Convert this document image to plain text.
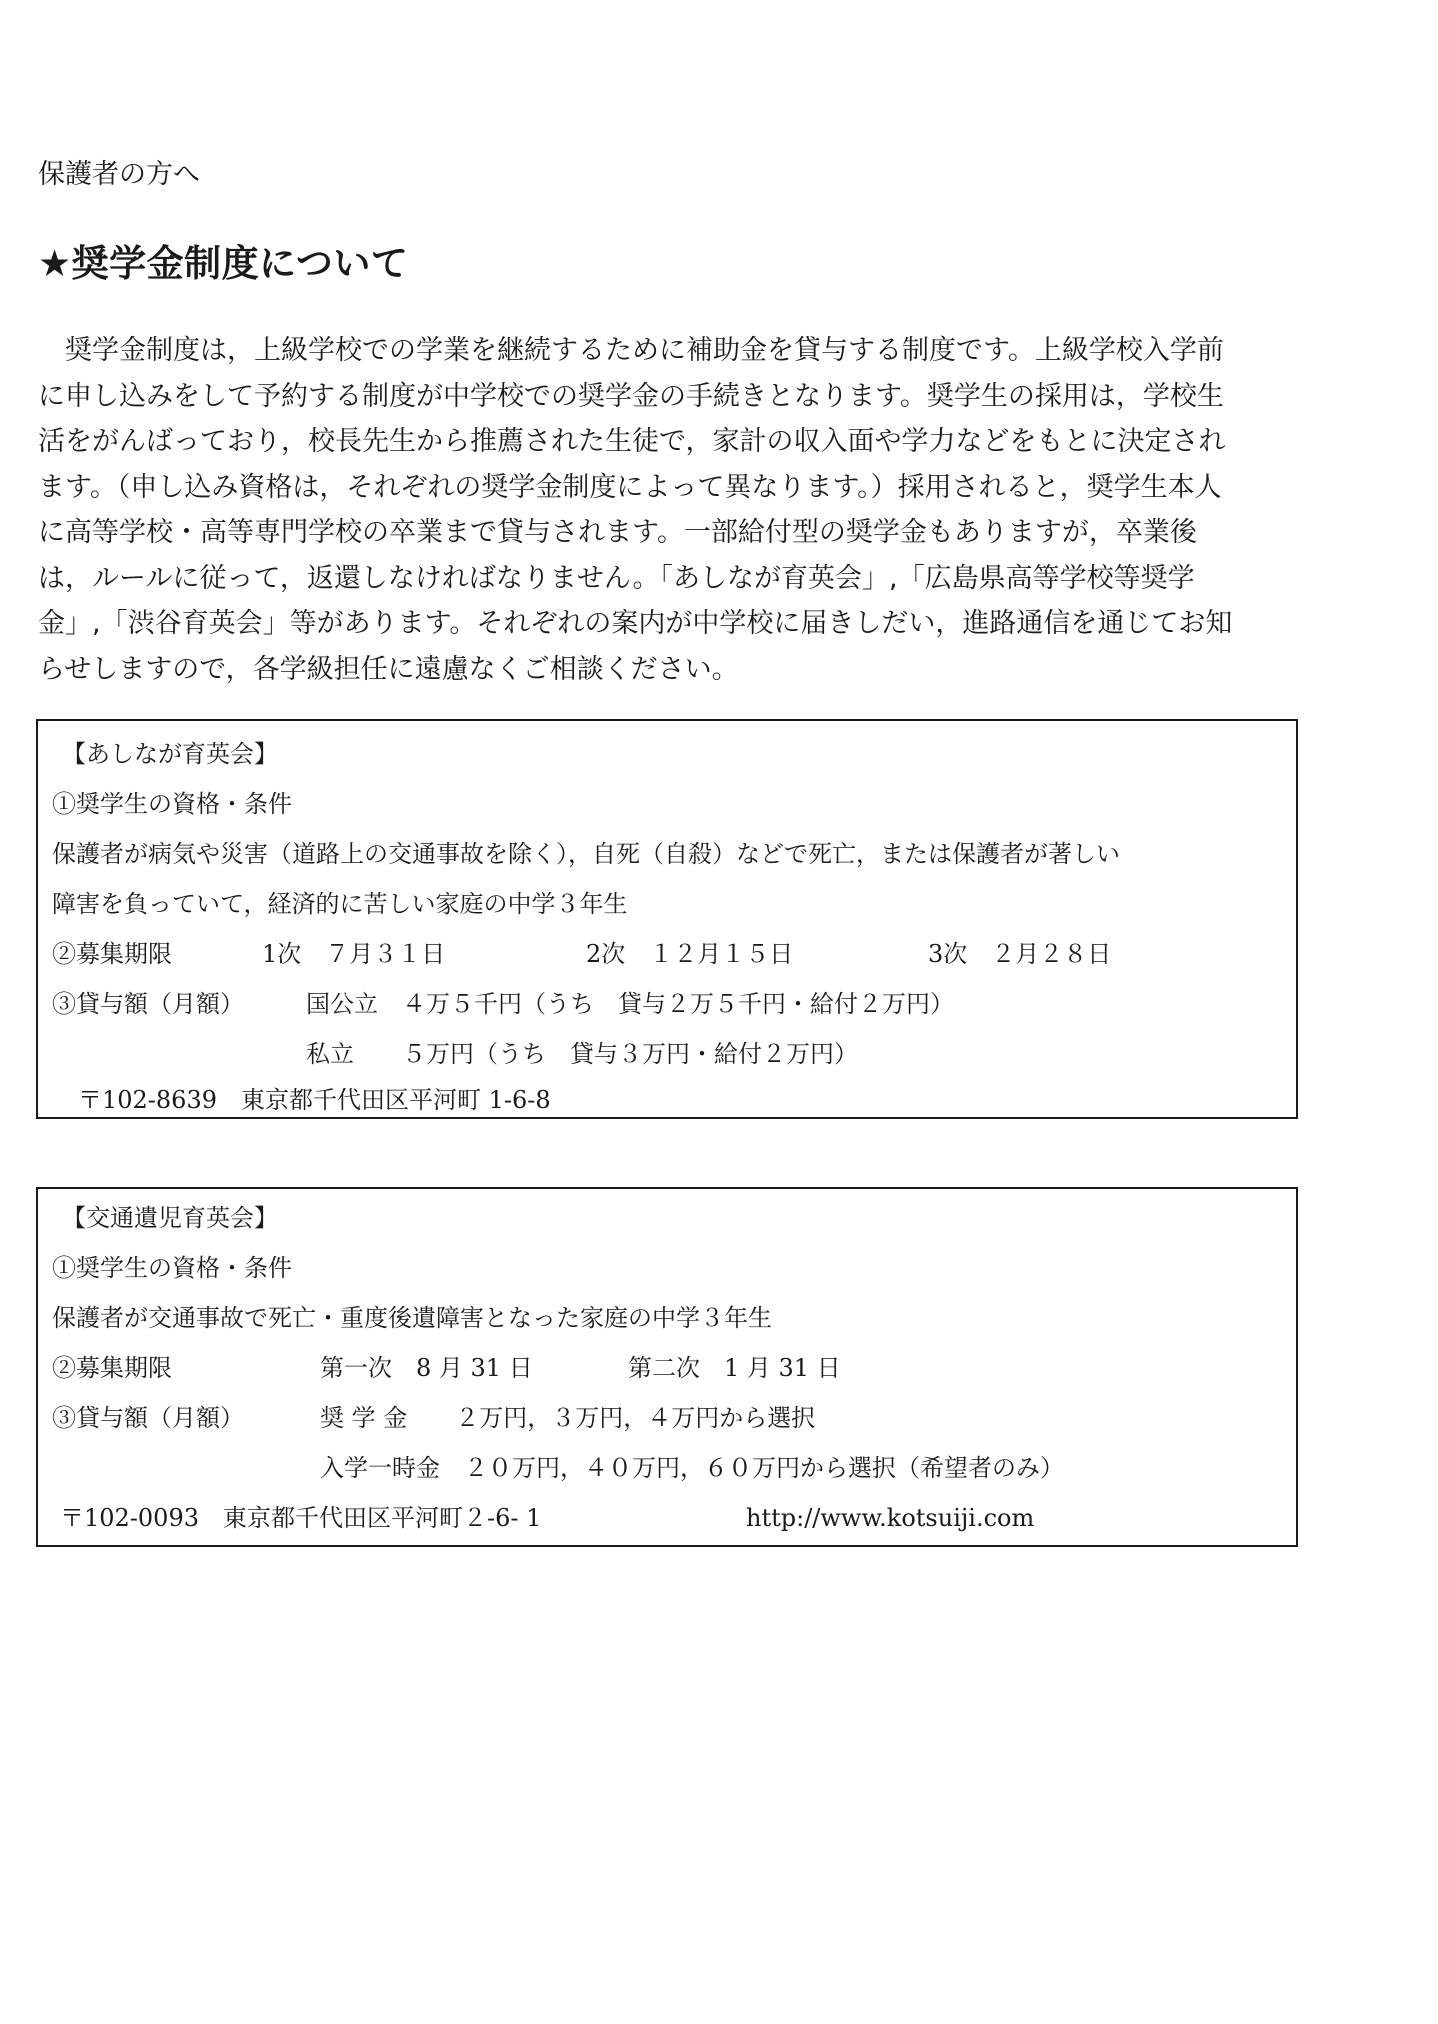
保護者の方へ
★奨学金制度について
　奨学金制度は，上級学校での学業を継続するために補助金を貸与する制度です。上級学校入学前
に申し込みをして予約する制度が中学校での奨学金の手続きとなります。奨学生の採用は，学校生
活をがんばっており，校長先生から推薦された生徒で，家計の収入面や学力などをもとに決定され
ます。（申し込み資格は，それぞれの奨学金制度によって異なります。）採用されると，奨学生本人
に高等学校・高等専門学校の卒業まで貸与されます。一部給付型の奨学金もありますが，卒業後
は，ルールに従って，返還しなければなりません。「あしなが育英会」,「広島県高等学校等奨学
金」,「渋谷育英会」等があります。それぞれの案内が中学校に届きしだい，進路通信を通じてお知
らせしますので，各学級担任に遠慮なくご相談ください。
【あしなが育英会】
①奨学生の資格・条件
保護者が病気や災害（道路上の交通事故を除く），自死（自殺）などで死亡，または保護者が著しい
障害を負っていて，経済的に苦しい家庭の中学３年生
②募集期限	1次　７月３１日	2次　１２月１５日	3次　２月２８日
③貸与額（月額）	国公立　４万５千円（うち　貸与２万５千円・給付２万円）
私立　　５万円（うち　貸与３万円・給付２万円）
〒102-8639　東京都千代田区平河町 1-6-8
【交通遺児育英会】
①奨学生の資格・条件
保護者が交通事故で死亡・重度後遺障害となった家庭の中学３年生
②募集期限	第一次　8 月 31 日	第二次　1 月 31 日
③貸与額（月額）	奨 学 金　　２万円，３万円，４万円から選択
入学一時金　２０万円，４０万円，６０万円から選択（希望者のみ）
〒102-0093　東京都千代田区平河町２-6- 1	http://www.kotsuiji.com
